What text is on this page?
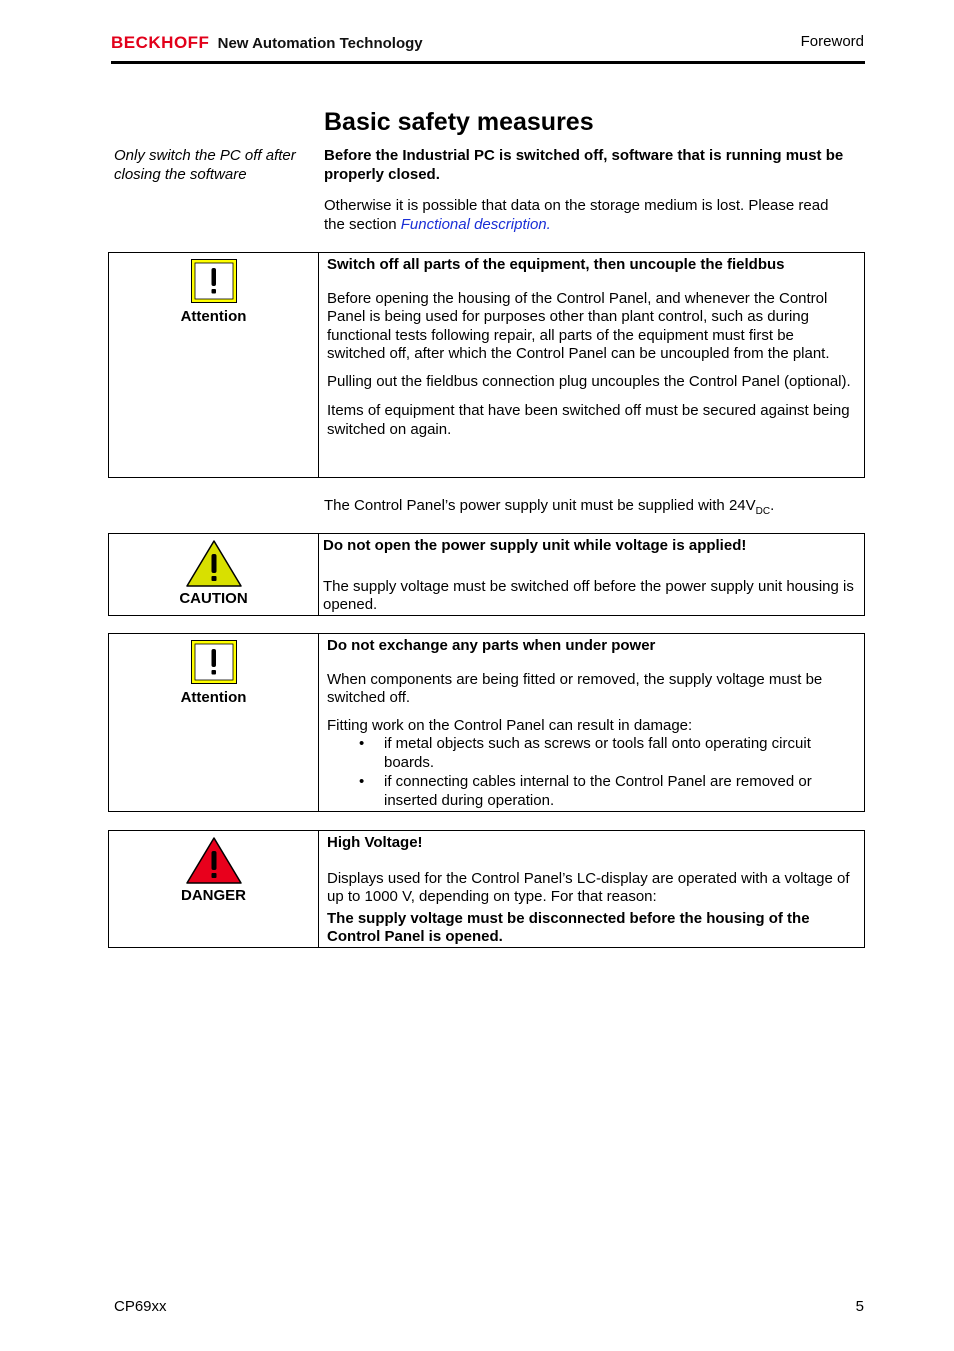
BECKHOFF New Automation Technology	Foreword
Basic safety measures
Only switch the PC off after closing the software
Before the Industrial PC is switched off, software that is running must be properly closed.
Otherwise it is possible that data on the storage medium is lost. Please read the section Functional description.
Attention

Switch off all parts of the equipment, then uncouple the fieldbus

Before opening the housing of the Control Panel, and whenever the Control Panel is being used for purposes other than plant control, such as during functional tests following repair, all parts of the equipment must first be switched off, after which the Control Panel can be uncoupled from the plant.

Pulling out the fieldbus connection plug uncouples the Control Panel (optional).

Items of equipment that have been switched off must be secured against being switched on again.

The Control Panel’s power supply unit must be supplied with $24V_{DC}$.
CAUTION

Do not open the power supply unit while voltage is applied!

The supply voltage must be switched off before the power supply unit housing is opened.

Attention

Do not exchange any parts when under power

When components are being fitted or removed, the supply voltage must be switched off.

Fitting work on the Control Panel can result in damage:

• if metal objects such as screws or tools fall onto operating circuit boards.
• if connecting cables internal to the Control Panel are removed or inserted during operation.
DANGER

High Voltage!

Displays used for the Control Panel’s LC-display are operated with a voltage of up to 1000 V, depending on type. For that reason:

The supply voltage must be disconnected before the housing of the Control Panel is opened.

CP69xx	5
